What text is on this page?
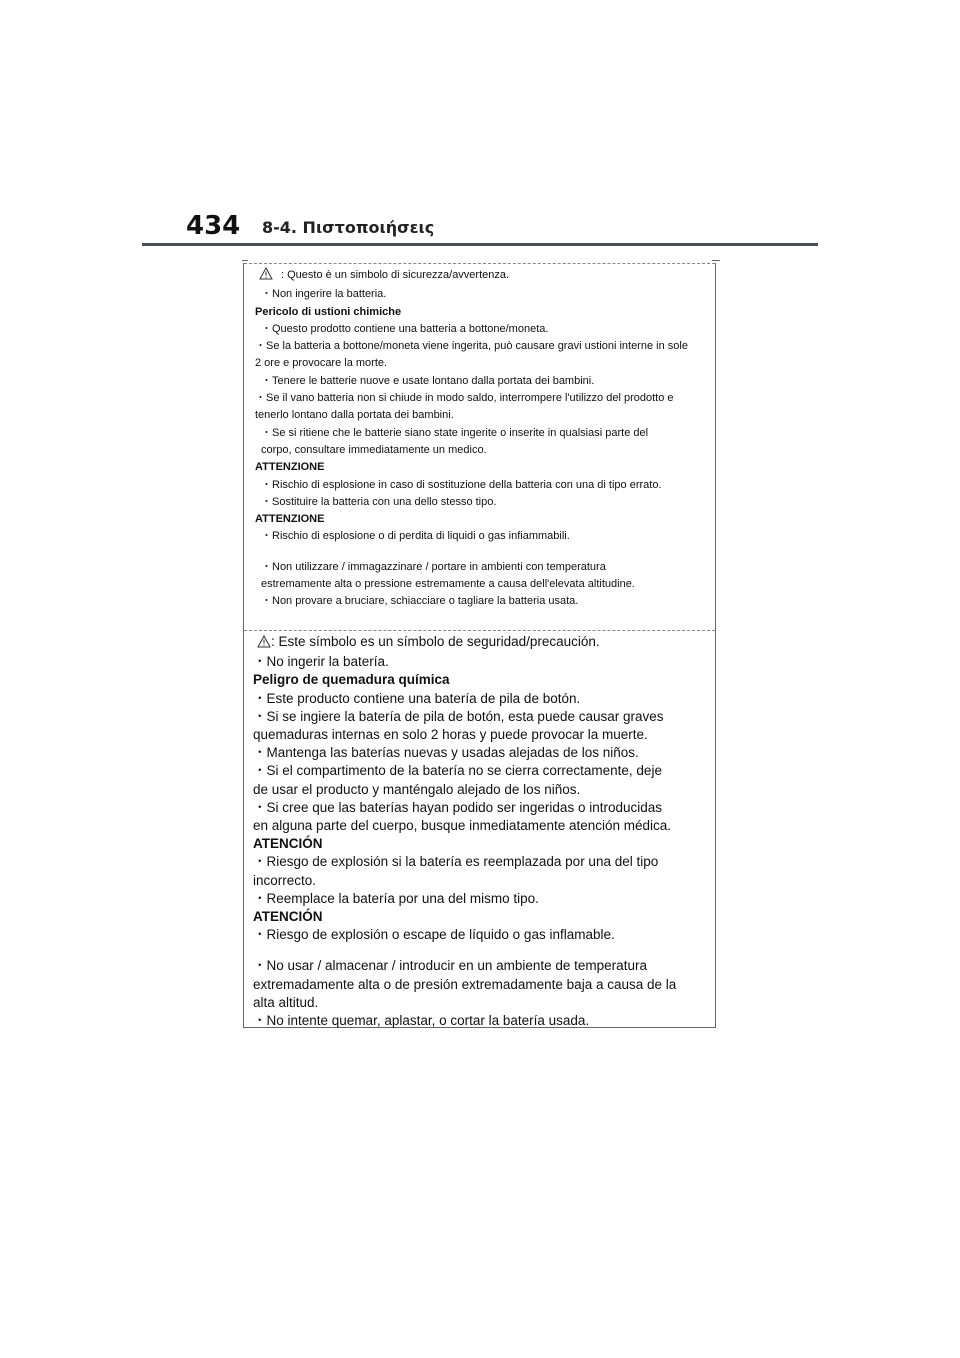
434 8-4. Πιστοποιήσεις

: Questo è un simbolo di sicurezza/avvertenza.

・ Non ingerire la batteria.

Pericolo di ustioni chimiche

・ Questo prodotto contiene una batteria a bottone/moneta.

・Se la batteria a bottone/moneta viene ingerita, può causare gravi ustioni interne in sole 2 ore e provocare la morte.

・ Tenere le batterie nuove e usate lontano dalla portata dei bambini.

・Se il vano batteria non si chiude in modo saldo, interrompere l'utilizzo del prodotto e tenerlo lontano dalla portata dei bambini.

・ Se si ritiene che le batterie siano state ingerite o inserite in qualsiasi parte del corpo, consultare immediatamente un medico.

ATTENZIONE

・ Rischio di esplosione in caso di sostituzione della batteria con una di tipo errato.

・ Sostituire la batteria con una dello stesso tipo.

ATTENZIONE

・ Rischio di esplosione o di perdita di liquidi o gas infiammabili.

・ Non utilizzare / immagazzinare / portare in ambienti con temperatura estremamente alta o pressione estremamente a causa dell'elevata altitudine.

・ Non provare a bruciare, schiacciare o tagliare la batteria usata.

: Este símbolo es un símbolo de seguridad/precaución.

・ No ingerir la batería.

Peligro de quemadura química

・ Este producto contiene una batería de pila de botón.

・ Si se ingiere la batería de pila de botón, esta puede causar graves quemaduras internas en solo 2 horas y puede provocar la muerte.

・ Mantenga las baterías nuevas y usadas alejadas de los niños.

・ Si el compartimento de la batería no se cierra correctamente, deje de usar el producto y manténgalo alejado de los niños.

・ Si cree que las baterías hayan podido ser ingeridas o introducidas en alguna parte del cuerpo, busque inmediatamente atención médica.

ATENCIÓN

・ Riesgo de explosión si la batería es reemplazada por una del tipo incorrecto.

・ Reemplace la batería por una del mismo tipo.

ATENCIÓN

・ Riesgo de explosión o escape de líquido o gas inflamable.

・ No usar / almacenar / introducir en un ambiente de temperatura extremadamente alta o de presión extremadamente baja a causa de la alta altitud.

・ No intente quemar, aplastar, o cortar la batería usada.
